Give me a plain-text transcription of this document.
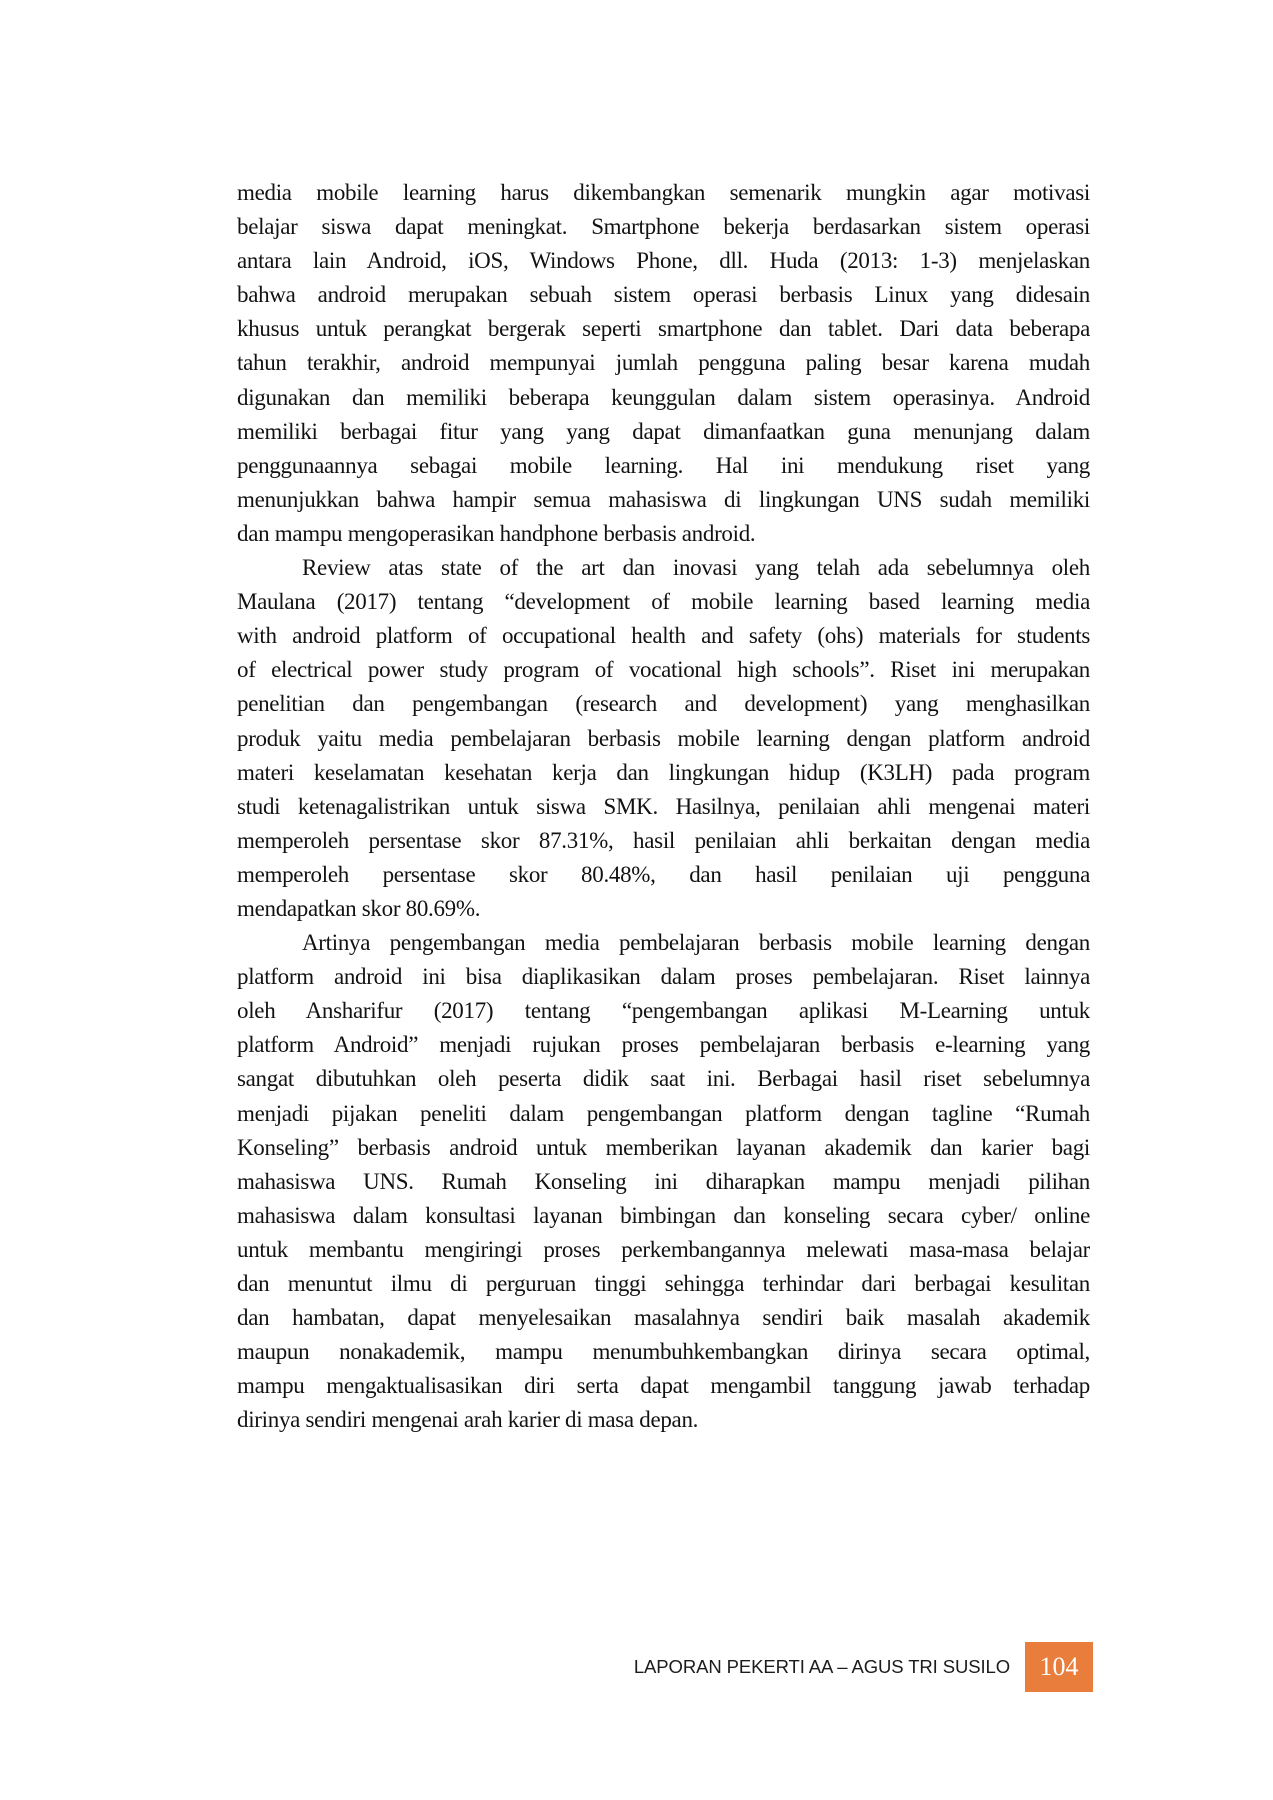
media mobile learning harus dikembangkan semenarik mungkin agar motivasi
belajar siswa dapat meningkat. Smartphone bekerja berdasarkan sistem operasi
antara lain Android, iOS, Windows Phone, dll. Huda (2013: 1-3) menjelaskan
bahwa android merupakan sebuah sistem operasi berbasis Linux yang didesain
khusus untuk perangkat bergerak seperti smartphone dan tablet. Dari data beberapa
tahun terakhir, android mempunyai jumlah pengguna paling besar karena mudah
digunakan dan memiliki beberapa keunggulan dalam sistem operasinya. Android
memiliki berbagai fitur yang yang dapat dimanfaatkan guna menunjang dalam
penggunaannya sebagai mobile learning. Hal ini mendukung riset yang
menunjukkan bahwa hampir semua mahasiswa di lingkungan UNS sudah memiliki
dan mampu mengoperasikan handphone berbasis android.
Review atas state of the art dan inovasi yang telah ada sebelumnya oleh
Maulana (2017) tentang “development of mobile learning based learning media
with android platform of occupational health and safety (ohs) materials for students
of electrical power study program of vocational high schools”. Riset ini merupakan
penelitian dan pengembangan (research and development) yang menghasilkan
produk yaitu media pembelajaran berbasis mobile learning dengan platform android
materi keselamatan kesehatan kerja dan lingkungan hidup (K3LH) pada program
studi ketenagalistrikan untuk siswa SMK. Hasilnya, penilaian ahli mengenai materi
memperoleh persentase skor 87.31%, hasil penilaian ahli berkaitan dengan media
memperoleh persentase skor 80.48%, dan hasil penilaian uji pengguna
mendapatkan skor 80.69%.
Artinya pengembangan media pembelajaran berbasis mobile learning dengan
platform android ini bisa diaplikasikan dalam proses pembelajaran. Riset lainnya
oleh Ansharifur (2017) tentang “pengembangan aplikasi M-Learning untuk
platform Android” menjadi rujukan proses pembelajaran berbasis e-learning yang
sangat dibutuhkan oleh peserta didik saat ini. Berbagai hasil riset sebelumnya
menjadi pijakan peneliti dalam pengembangan platform dengan tagline “Rumah
Konseling” berbasis android untuk memberikan layanan akademik dan karier bagi
mahasiswa UNS. Rumah Konseling ini diharapkan mampu menjadi pilihan
mahasiswa dalam konsultasi layanan bimbingan dan konseling secara cyber/ online
untuk membantu mengiringi proses perkembangannya melewati masa-masa belajar
dan menuntut ilmu di perguruan tinggi sehingga terhindar dari berbagai kesulitan
dan hambatan, dapat menyelesaikan masalahnya sendiri baik masalah akademik
maupun nonakademik, mampu menumbuhkembangkan dirinya secara optimal,
mampu mengaktualisasikan diri serta dapat mengambil tanggung jawab terhadap
dirinya sendiri mengenai arah karier di masa depan.
LAPORAN PEKERTI AA – AGUS TRI SUSILO 104
